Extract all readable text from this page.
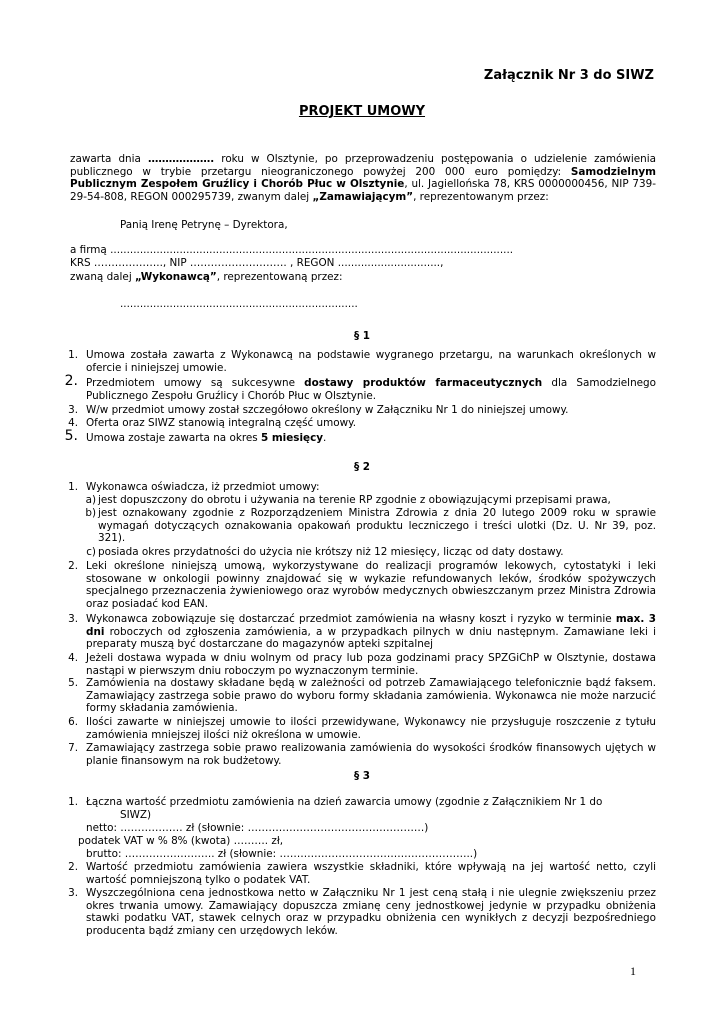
Załącznik Nr 3 do SIWZ
PROJEKT UMOWY
zawarta dnia ………………. roku w Olsztynie, po przeprowadzeniu postępowania o udzielenie zamówienia publicznego w trybie przetargu nieograniczonego powyżej 200 000 euro pomiędzy: Samodzielnym Publicznym Zespołem Gruźlicy i Chorób Płuc w Olsztynie, ul. Jagiellońska 78, KRS 0000000456, NIP 739-29-54-808, REGON 000295739, zwanym dalej „Zamawiającym”, reprezentowanym przez:
Panią Irenę Petrynę – Dyrektora,
a firmą ..........................................................................................................................
KRS ……………….., NIP ………………………. , REGON ...............................,
zwaną dalej „Wykonawcą”, reprezentowaną przez:
........................................................................
§ 1
1. Umowa została zawarta z Wykonawcą na podstawie wygranego przetargu, na warunkach określonych w ofercie i niniejszej umowie.
2. Przedmiotem umowy są sukcesywne dostawy produktów farmaceutycznych dla Samodzielnego Publicznego Zespołu Gruźlicy i Chorób Płuc w Olsztynie.
3. W/w przedmiot umowy został szczegółowo określony w Załączniku Nr 1 do niniejszej umowy.
4. Oferta oraz SIWZ stanowią integralną część umowy.
5. Umowa zostaje zawarta na okres 5 miesięcy.
§ 2
1. Wykonawca oświadcza, iż przedmiot umowy:
a) jest dopuszczony do obrotu i używania na terenie RP zgodnie z obowiązującymi przepisami prawa,
b) jest oznakowany zgodnie z Rozporządzeniem Ministra Zdrowia z dnia 20 lutego 2009 roku w sprawie wymagań dotyczących oznakowania opakowań produktu leczniczego i treści ulotki (Dz. U. Nr 39, poz. 321).
c) posiada okres przydatności do użycia nie krótszy niż 12 miesięcy, licząc od daty dostawy.
2. Leki określone niniejszą umową, wykorzystywane do realizacji programów lekowych, cytostatyki i leki stosowane w onkologii powinny znajdować się w wykazie refundowanych leków, środków spożywczych specjalnego przeznaczenia żywieniowego oraz wyrobów medycznych obwieszczanym przez Ministra Zdrowia oraz posiadać kod EAN.
3. Wykonawca zobowiązuje się dostarczać przedmiot zamówienia na własny koszt i ryzyko w terminie max. 3 dni roboczych od zgłoszenia zamówienia, a w przypadkach pilnych w dniu następnym. Zamawiane leki i preparaty muszą być dostarczane do magazynów apteki szpitalnej
4. Jeżeli dostawa wypada w dniu wolnym od pracy lub poza godzinami pracy SPZGiChP w Olsztynie, dostawa nastąpi w pierwszym dniu roboczym po wyznaczonym terminie.
5. Zamówienia na dostawy składane będą w zależności od potrzeb Zamawiającego telefonicznie bądź faksem. Zamawiający zastrzega sobie prawo do wyboru formy składania zamówienia. Wykonawca nie może narzucić formy składania zamówienia.
6. Ilości zawarte w niniejszej umowie to ilości przewidywane, Wykonawcy nie przysługuje roszczenie z tytułu zamówienia mniejszej ilości niż określona w umowie.
7. Zamawiający zastrzega sobie prawo realizowania zamówienia do wysokości środków finansowych ujętych w planie finansowym na rok budżetowy.
§ 3
1. Łączna wartość przedmiotu zamówienia na dzień zawarcia umowy (zgodnie z Załącznikiem Nr 1 do
SIWZ)
netto: ……………… zł (słownie: ……………………………………………)
podatek VAT w % 8% (kwota) ………. zł,
brutto: …………………….. zł (słownie: ………………………………………………..)
2. Wartość przedmiotu zamówienia zawiera wszystkie składniki, które wpływają na jej wartość netto, czyli wartość pomniejszoną tylko o podatek VAT.
3. Wyszczególniona cena jednostkowa netto w Załączniku Nr 1 jest ceną stałą i nie ulegnie zwiększeniu przez okres trwania umowy. Zamawiający dopuszcza zmianę ceny jednostkowej jedynie w przypadku obniżenia stawki podatku VAT, stawek celnych oraz w przypadku obniżenia cen wynikłych z decyzji bezpośredniego producenta bądź zmiany cen urzędowych leków.
1
